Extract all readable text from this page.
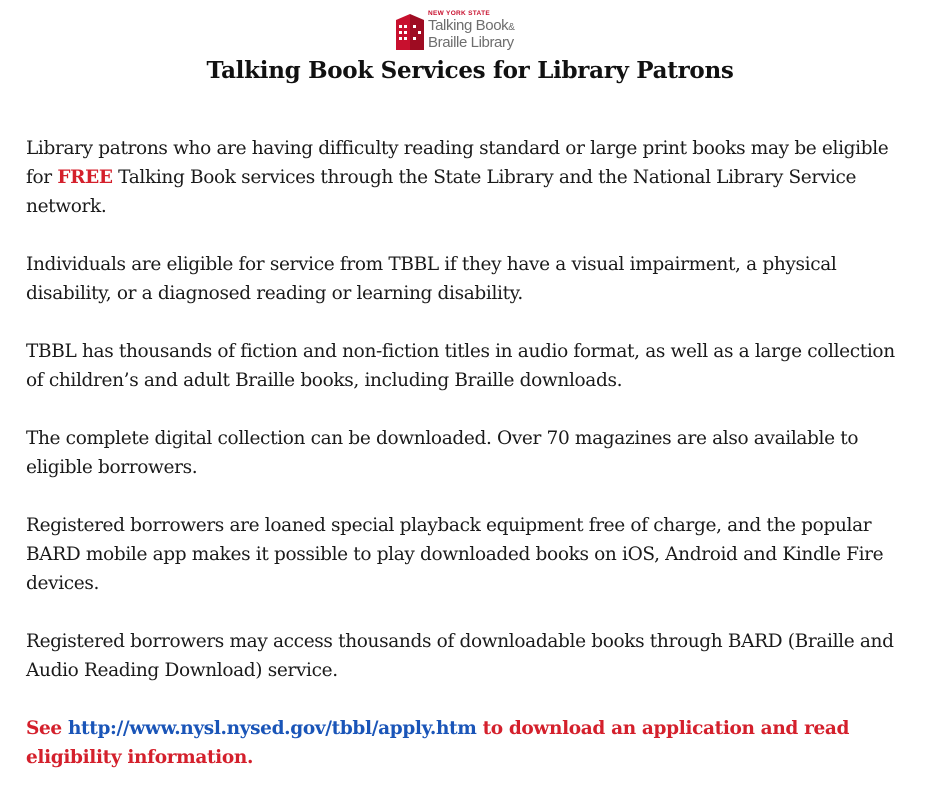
NEW YORK STATE
Talking Book&
Braille Library
Talking Book Services for Library Patrons

Library patrons who are having difficulty reading standard or large print books may be eligible for FREE Talking Book services through the State Library and the National Library Service network.

Individuals are eligible for service from TBBL if they have a visual impairment, a physical disability, or a diagnosed reading or learning disability.

TBBL has thousands of fiction and non-fiction titles in audio format, as well as a large collection of children’s and adult Braille books, including Braille downloads.

The complete digital collection can be downloaded. Over 70 magazines are also available to eligible borrowers.

Registered borrowers are loaned special playback equipment free of charge, and the popular BARD mobile app makes it possible to play downloaded books on iOS, Android and Kindle Fire devices.

Registered borrowers may access thousands of downloadable books through BARD (Braille and Audio Reading Download) service.

See http://www.nysl.nysed.gov/tbbl/apply.htm to download an application and read eligibility information.
